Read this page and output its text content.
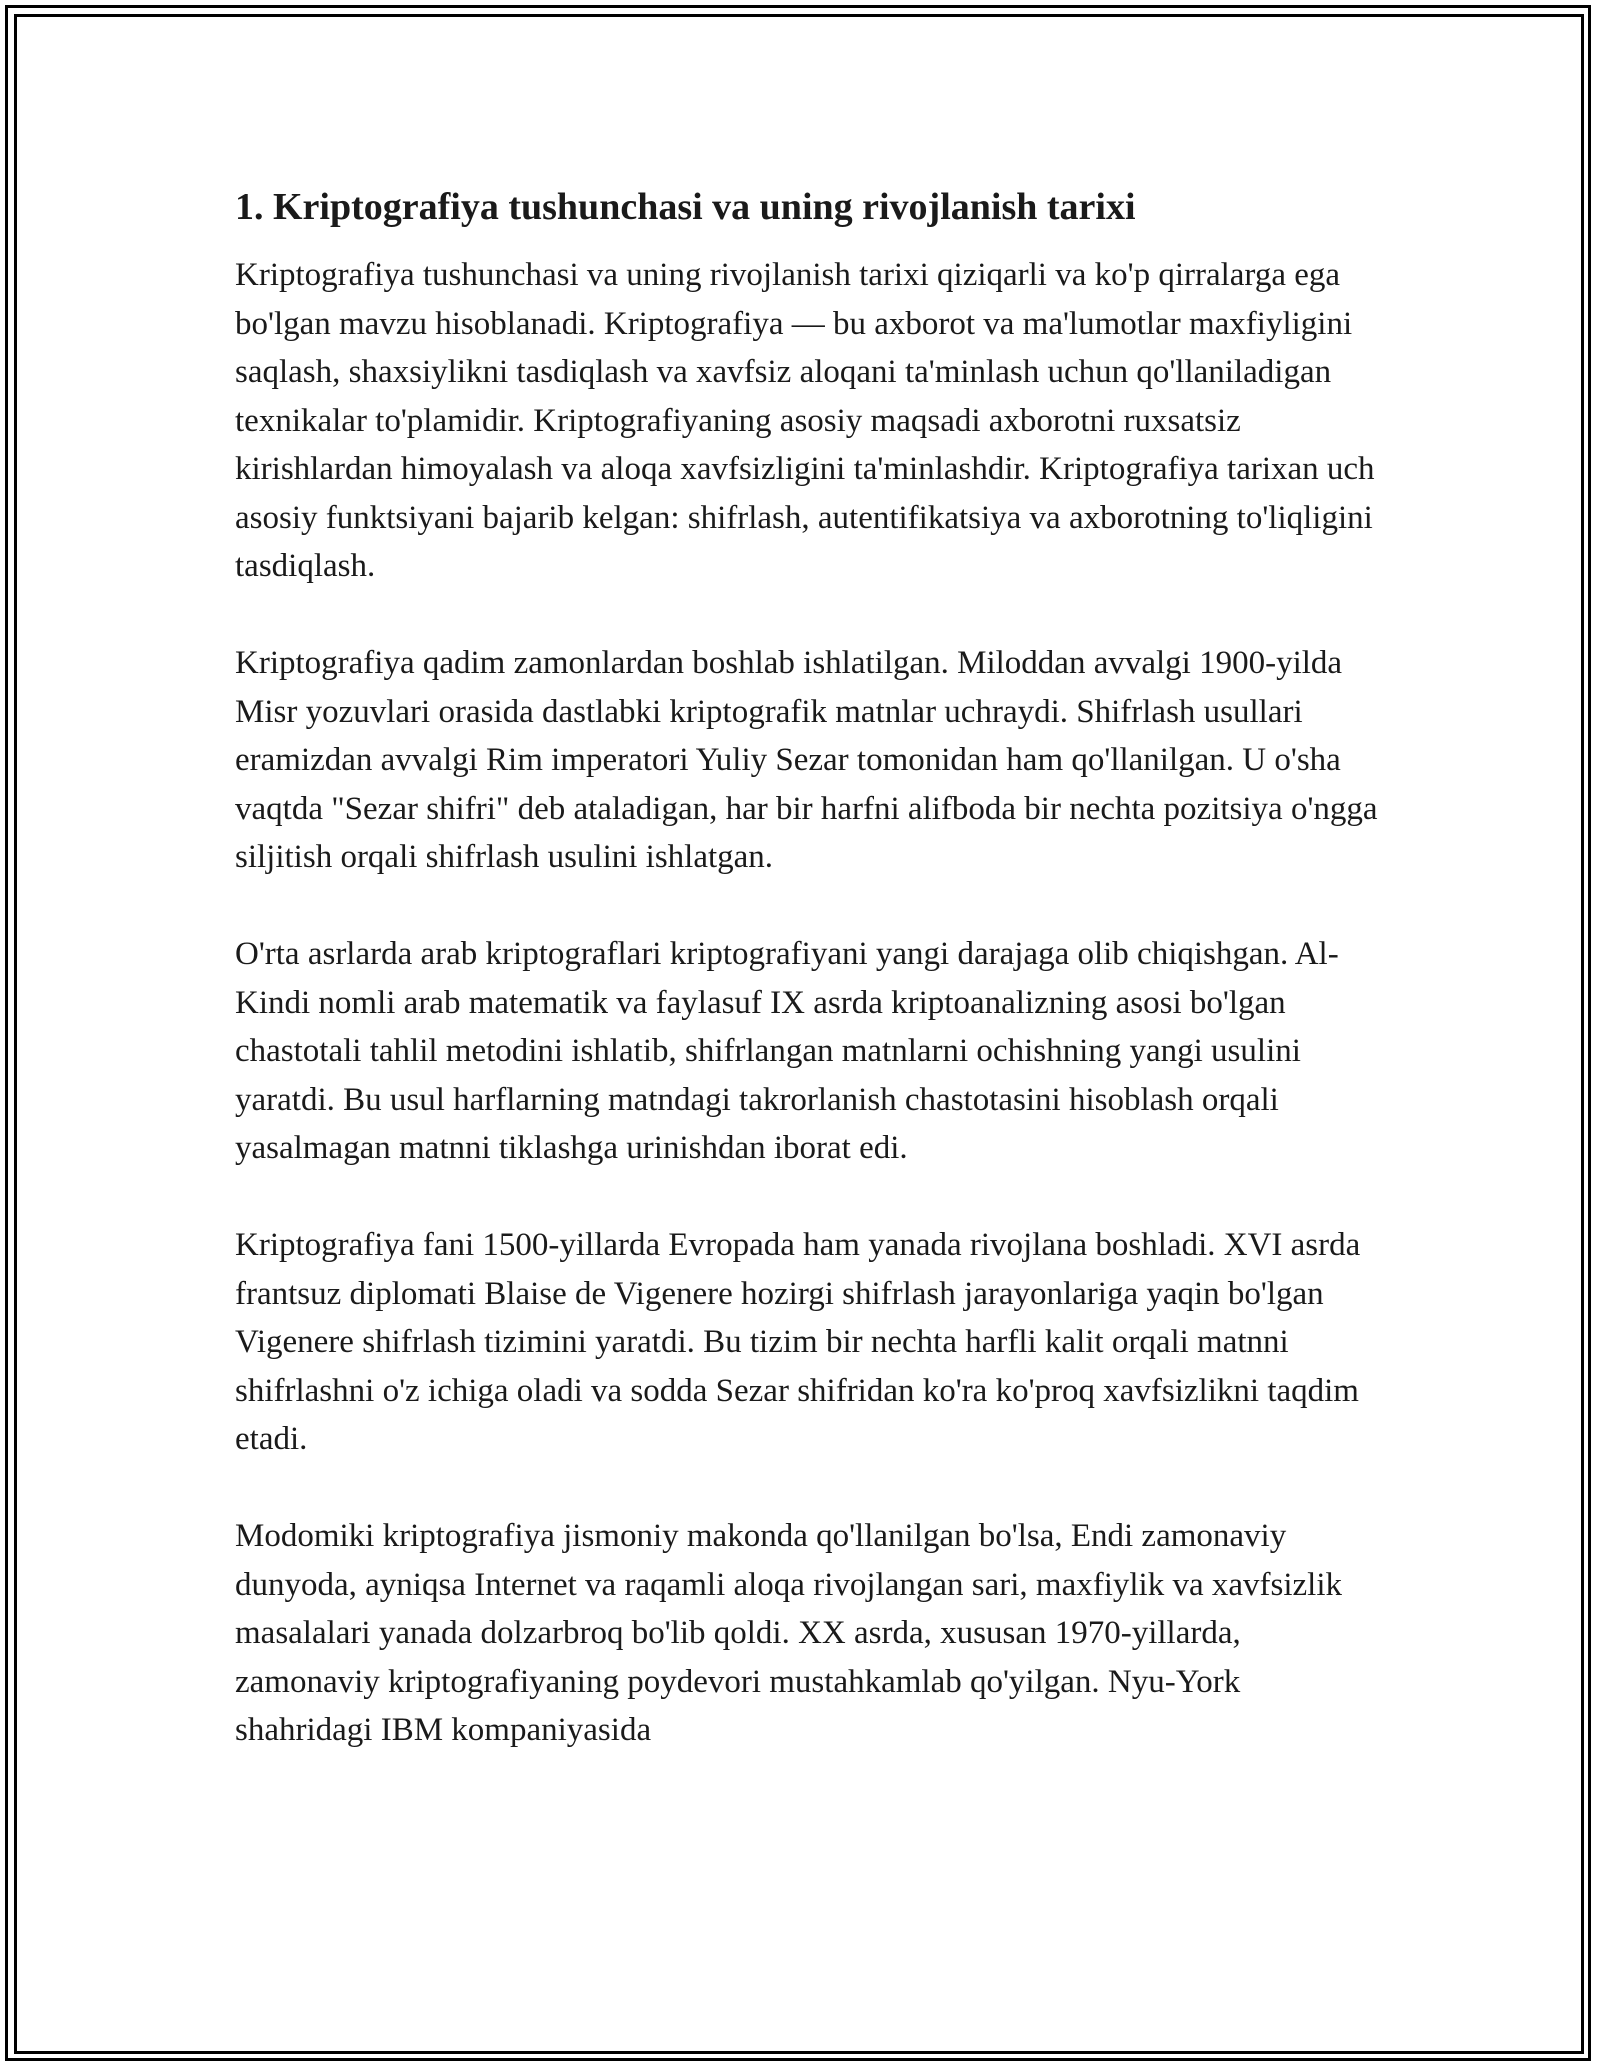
1. Kriptografiya tushunchasi va uning rivojlanish tarixi

Kriptografiya tushunchasi va uning rivojlanish tarixi qiziqarli va ko'p qirralarga ega bo'lgan mavzu hisoblanadi. Kriptografiya — bu axborot va ma'lumotlar maxfiyligini saqlash, shaxsiylikni tasdiqlash va xavfsiz aloqani ta'minlash uchun qo'llaniladigan texnikalar to'plamidir. Kriptografiyaning asosiy maqsadi axborotni ruxsatsiz kirishlardan himoyalash va aloqa xavfsizligini ta'minlashdir. Kriptografiya tarixan uch asosiy funktsiyani bajarib kelgan: shifrlash, autentifikatsiya va axborotning to'liqligini tasdiqlash.

Kriptografiya qadim zamonlardan boshlab ishlatilgan. Miloddan avvalgi 1900-yilda Misr yozuvlari orasida dastlabki kriptografik matnlar uchraydi. Shifrlash usullari eramizdan avvalgi Rim imperatori Yuliy Sezar tomonidan ham qo'llanilgan. U o'sha vaqtda "Sezar shifri" deb ataladigan, har bir harfni alifboda bir nechta pozitsiya o'ngga siljitish orqali shifrlash usulini ishlatgan.

O'rta asrlarda arab kriptograflari kriptografiyani yangi darajaga olib chiqishgan. Al-Kindi nomli arab matematik va faylasuf IX asrda kriptoanalizning asosi bo'lgan chastotali tahlil metodini ishlatib, shifrlangan matnlarni ochishning yangi usulini yaratdi. Bu usul harflarning matndagi takrorlanish chastotasini hisoblash orqali yasalmagan matnni tiklashga urinishdan iborat edi.

Kriptografiya fani 1500-yillarda Evropada ham yanada rivojlana boshladi. XVI asrda frantsuz diplomati Blaise de Vigenere hozirgi shifrlash jarayonlariga yaqin bo'lgan Vigenere shifrlash tizimini yaratdi. Bu tizim bir nechta harfli kalit orqali matnni shifrlashni o'z ichiga oladi va sodda Sezar shifridan ko'ra ko'proq xavfsizlikni taqdim etadi.

Modomiki kriptografiya jismoniy makonda qo'llanilgan bo'lsa, Endi zamonaviy dunyoda, ayniqsa Internet va raqamli aloqa rivojlangan sari, maxfiylik va xavfsizlik masalalari yanada dolzarbroq bo'lib qoldi. XX asrda, xususan 1970-yillarda, zamonaviy kriptografiyaning poydevori mustahkamlab qo'yilgan. Nyu-York shahridagi IBM kompaniyasida
